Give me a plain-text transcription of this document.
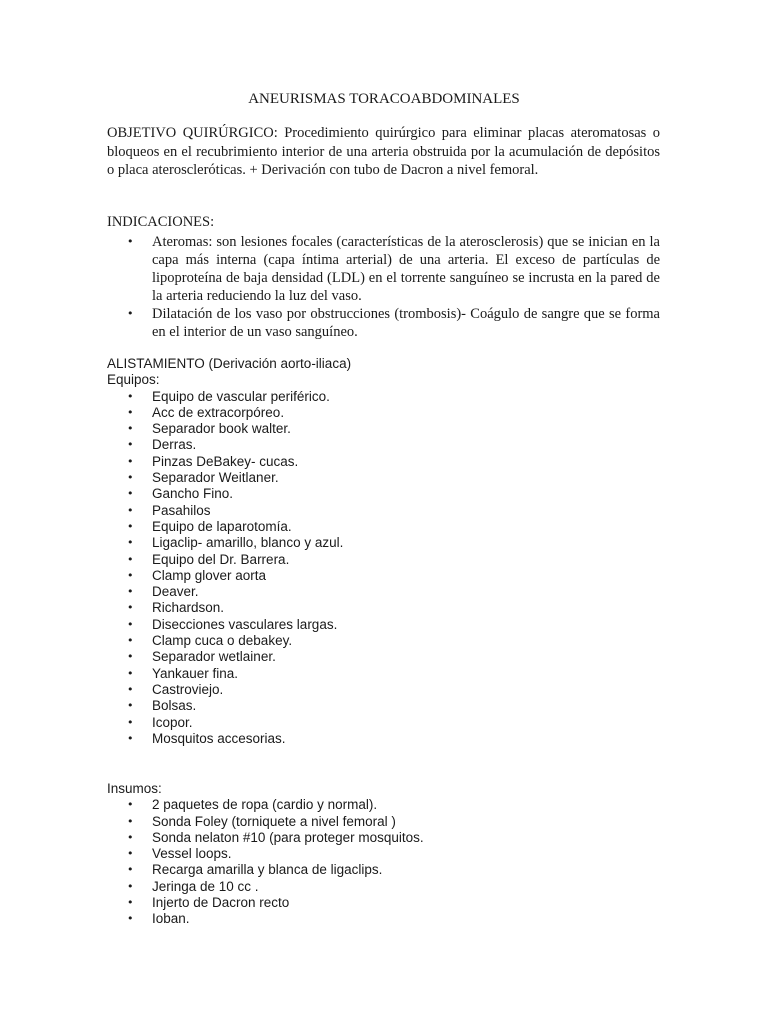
ANEURISMAS TORACOABDOMINALES
OBJETIVO QUIRÚRGICO: Procedimiento quirúrgico para eliminar placas ateromatosas o bloqueos en el recubrimiento interior de una arteria obstruida por la acumulación de depósitos o placa ateroscleróticas. + Derivación con tubo de Dacron a nivel femoral.
INDICACIONES:
• Ateromas: son lesiones focales (características de la aterosclerosis) que se inician en la capa más interna (capa íntima arterial) de una arteria. El exceso de partículas de lipoproteína de baja densidad (LDL) en el torrente sanguíneo se incrusta en la pared de la arteria reduciendo la luz del vaso.
• Dilatación de los vaso por obstrucciones (trombosis)- Coágulo de sangre que se forma en el interior de un vaso sanguíneo.
ALISTAMIENTO (Derivación aorto-iliaca)
Equipos:
• Equipo de vascular periférico.
• Acc de extracorpóreo.
• Separador book walter.
• Derras.
• Pinzas DeBakey- cucas.
• Separador Weitlaner.
• Gancho Fino.
• Pasahilos
• Equipo de laparotomía.
• Ligaclip- amarillo, blanco y azul.
• Equipo del Dr. Barrera.
• Clamp glover aorta
• Deaver.
• Richardson.
• Disecciones vasculares largas.
• Clamp cuca o debakey.
• Separador wetlainer.
• Yankauer fina.
• Castroviejo.
• Bolsas.
• Icopor.
• Mosquitos accesorias.
Insumos:
• 2 paquetes de ropa (cardio y normal).
• Sonda Foley (torniquete a nivel femoral )
• Sonda nelaton #10 (para proteger mosquitos.
• Vessel loops.
• Recarga amarilla y blanca de ligaclips.
• Jeringa de 10 cc .
• Injerto de Dacron recto
• Ioban.
